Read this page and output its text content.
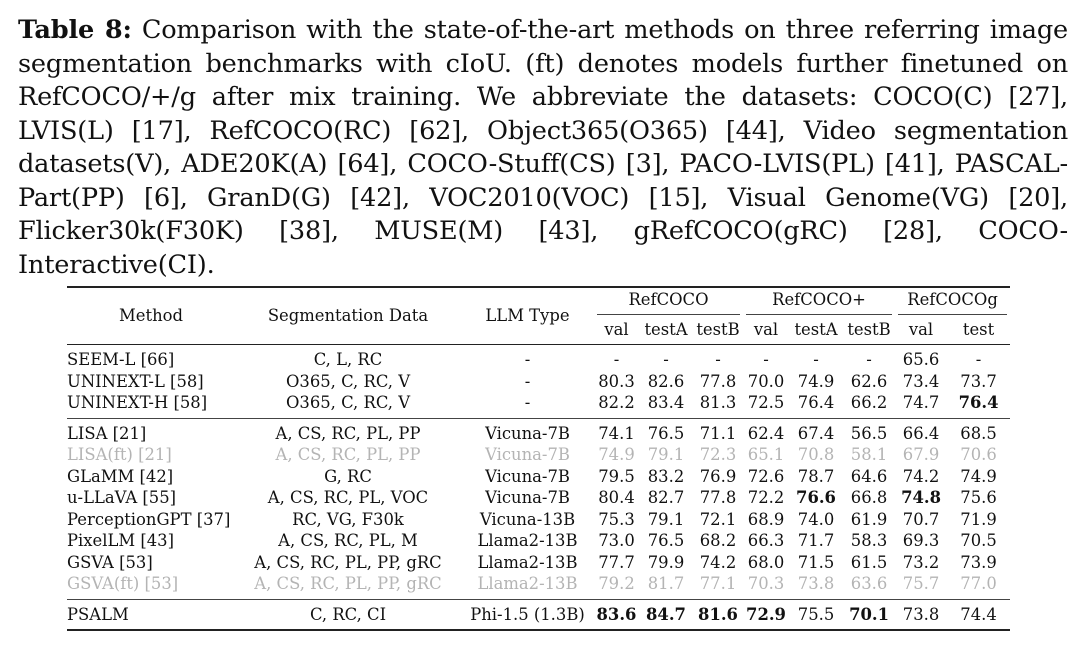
Table 8: Comparison with the state-of-the-art methods on three referring image segmentation benchmarks with cIoU. (ft) denotes models further finetuned on RefCOCO/+/g after mix training. We abbreviate the datasets: COCO(C) [27], LVIS(L) [17], RefCOCO(RC) [62], Object365(O365) [44], Video segmentation datasets(V), ADE20K(A) [64], COCO-Stuff(CS) [3], PACO-LVIS(PL) [41], PASCAL-Part(PP) [6], GranD(G) [42], VOC2010(VOC) [15], Visual Genome(VG) [20], Flicker30k(F30K) [38], MUSE(M) [43], gRefCOCO(gRC) [28], COCO-Interactive(CI).
Method	Segmentation Data	LLM Type	RefCOCO			RefCOCO+			RefCOCOg	

			val	testA	testB	val	testA	testB	val	test
SEEM-L [66]	C, L, RC	-	-	-	-	-	-	-	65.6	-
UNINEXT-L [58]	O365, C, RC, V	-	80.3	82.6	77.8	70.0	74.9	62.6	73.4	73.7
UNINEXT-H [58]	O365, C, RC, V	-	82.2	83.4	81.3	72.5	76.4	66.2	74.7	76.4
LISA [21]	A, CS, RC, PL, PP	Vicuna-7B	74.1	76.5	71.1	62.4	67.4	56.5	66.4	68.5
LISA(ft) [21]	A, CS, RC, PL, PP	Vicuna-7B	74.9	79.1	72.3	65.1	70.8	58.1	67.9	70.6
GLaMM [42]	G, RC	Vicuna-7B	79.5	83.2	76.9	72.6	78.7	64.6	74.2	74.9
u-LLaVA [55]	A, CS, RC, PL, VOC	Vicuna-7B	80.4	82.7	77.8	72.2	76.6	66.8	74.8	75.6
PerceptionGPT [37]	RC, VG, F30k	Vicuna-13B	75.3	79.1	72.1	68.9	74.0	61.9	70.7	71.9
PixelLM [43]	A, CS, RC, PL, M	Llama2-13B	73.0	76.5	68.2	66.3	71.7	58.3	69.3	70.5
GSVA [53]	A, CS, RC, PL, PP, gRC	Llama2-13B	77.7	79.9	74.2	68.0	71.5	61.5	73.2	73.9
GSVA(ft) [53]	A, CS, RC, PL, PP, gRC	Llama2-13B	79.2	81.7	77.1	70.3	73.8	63.6	75.7	77.0
PSALM	C, RC, CI	Phi-1.5 (1.3B)	83.6	84.7	81.6	72.9	75.5	70.1	73.8	74.4
